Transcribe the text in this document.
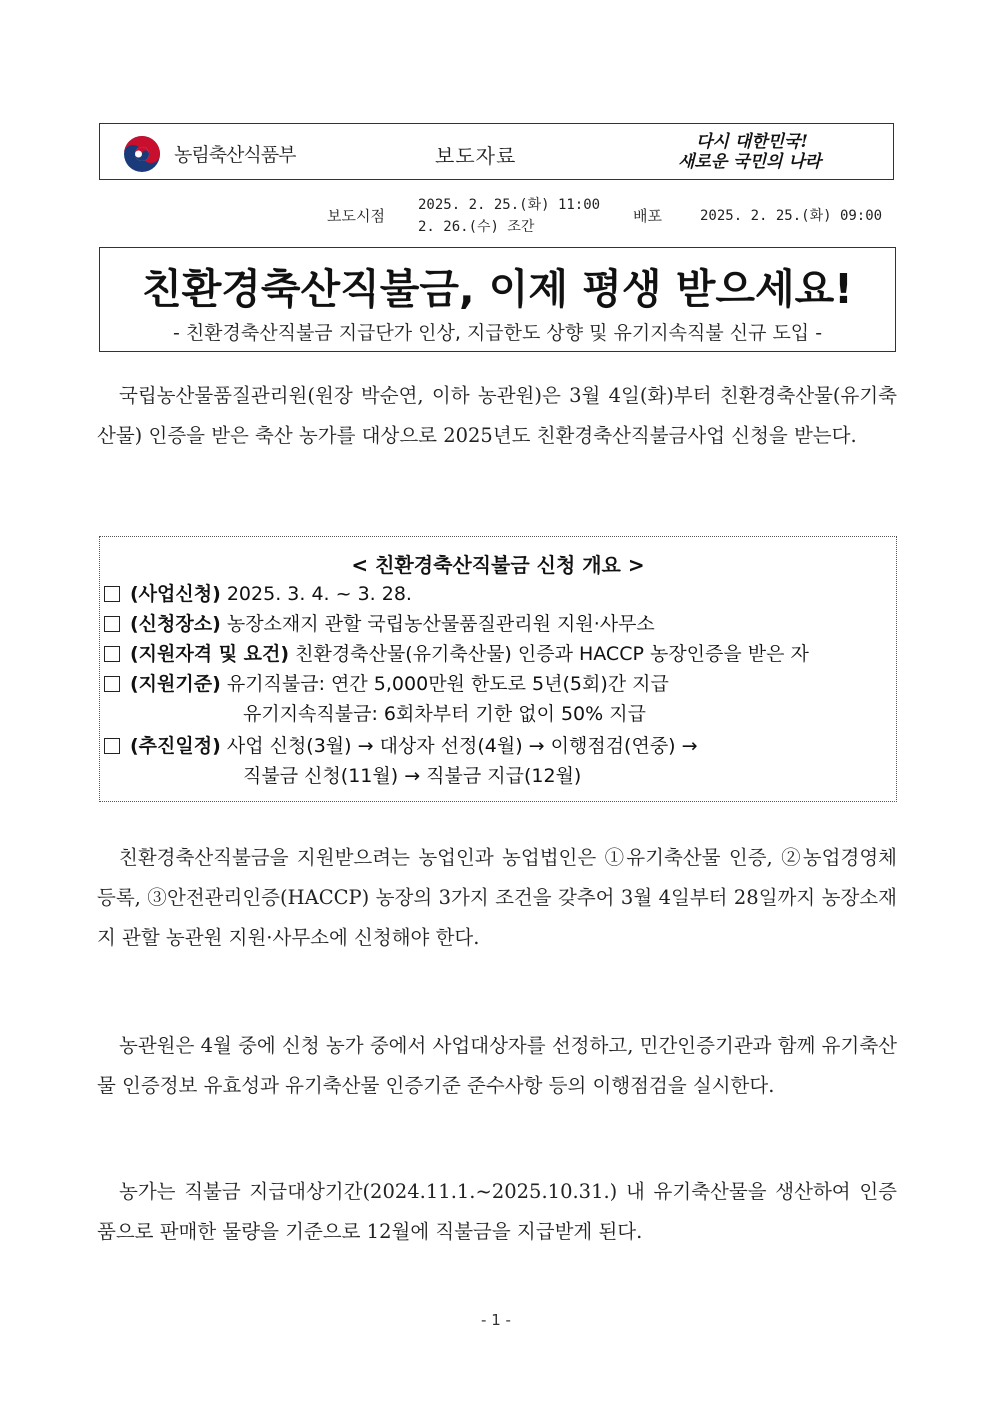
농림축산식품부	보도자료
다시 대한민국!
새로운 국민의 나라
보도시점
2025. 2. 25.(화) 11:00
2. 26.(수) 조간
배포	2025. 2. 25.(화) 09:00
친환경축산직불금, 이제 평생 받으세요!
- 친환경축산직불금 지급단가 인상, 지급한도 상향 및 유기지속직불 신규 도입 -
국립농산물품질관리원(원장 박순연, 이하 농관원)은 3월 4일(화)부터 친환경축산물(유기축산물) 인증을 받은 축산 농가를 대상으로 2025년도 친환경축산직불금사업 신청을 받는다.
< 친환경축산직불금 신청 개요 >
(사업신청) 2025. 3. 4. ~ 3. 28.
(신청장소) 농장소재지 관할 국립농산물품질관리원 지원·사무소
(지원자격 및 요건) 친환경축산물(유기축산물) 인증과 HACCP 농장인증을 받은 자
(지원기준) 유기직불금: 연간 5,000만원 한도로 5년(5회)간 지급
유기지속직불금: 6회차부터 기한 없이 50% 지급
(추진일정) 사업 신청(3월) → 대상자 선정(4월) → 이행점검(연중) →
직불금 신청(11월) → 직불금 지급(12월)
친환경축산직불금을 지원받으려는 농업인과 농업법인은 ①유기축산물 인증, ②농업경영체 등록, ③안전관리인증(HACCP) 농장의 3가지 조건을 갖추어 3월 4일부터 28일까지 농장소재지 관할 농관원 지원·사무소에 신청해야 한다.
농관원은 4월 중에 신청 농가 중에서 사업대상자를 선정하고, 민간인증기관과 함께 유기축산물 인증정보 유효성과 유기축산물 인증기준 준수사항 등의 이행점검을 실시한다.
농가는 직불금 지급대상기간(2024.11.1.~2025.10.31.) 내 유기축산물을 생산하여 인증품으로 판매한 물량을 기준으로 12월에 직불금을 지급받게 된다.
- 1 -
